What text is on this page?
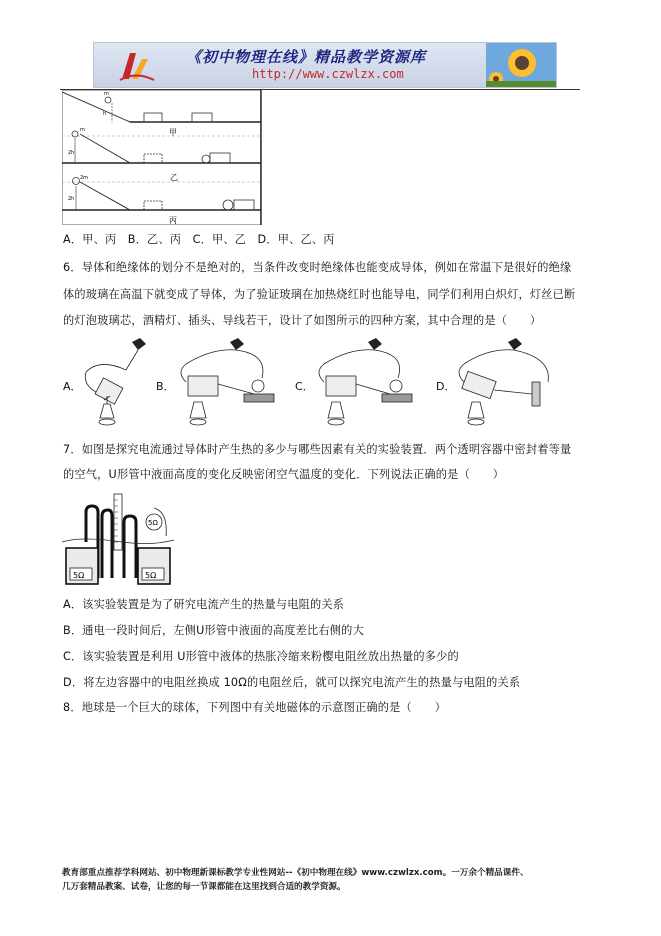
《初中物理在线》精品教学资源库
http://www.czwlzx.com
甲
m
h
乙
m
2h
丙
2m
2h
A．甲、丙　B．乙、丙　C．甲、乙　D．甲、乙、丙
6．导体和绝缘体的划分不是绝对的，当条件改变时绝缘体也能变成导体，例如在常温下是很好的绝缘
体的玻璃在高温下就变成了导体，为了验证玻璃在加热烧红时也能导电，同学们利用白炽灯，灯丝已断
的灯泡玻璃芯，酒精灯、插头、导线若干，设计了如图所示的四种方案，其中合理的是（　　）
A．	B．	C．	D．
7．如图是探究电流通过导体时产生热的多少与哪些因素有关的实验装置．两个透明容器中密封着等量
的空气，U形管中液面高度的变化反映密闭空气温度的变化．下列说法正确的是（　　）
5Ω
5Ω	5Ω
A．该实验装置是为了研究电流产生的热量与电阻的关系
B．通电一段时间后，左侧U形管中液面的高度差比右侧的大
C．该实验装置是利用 U形管中液体的热胀冷缩来粉樱电阻丝放出热量的多少的
D．将左边容器中的电阻丝换成 10Ω的电阻丝后，就可以探究电流产生的热量与电阻的关系
8．地球是一个巨大的球体，下列图中有关地磁体的示意图正确的是（　　）
教育部重点推荐学科网站、初中物理新课标教学专业性网站--《初中物理在线》www.czwlzx.com。一万余个精品课件、
几万套精品教案、试卷，让您的每一节课都能在这里找到合适的教学资源。
